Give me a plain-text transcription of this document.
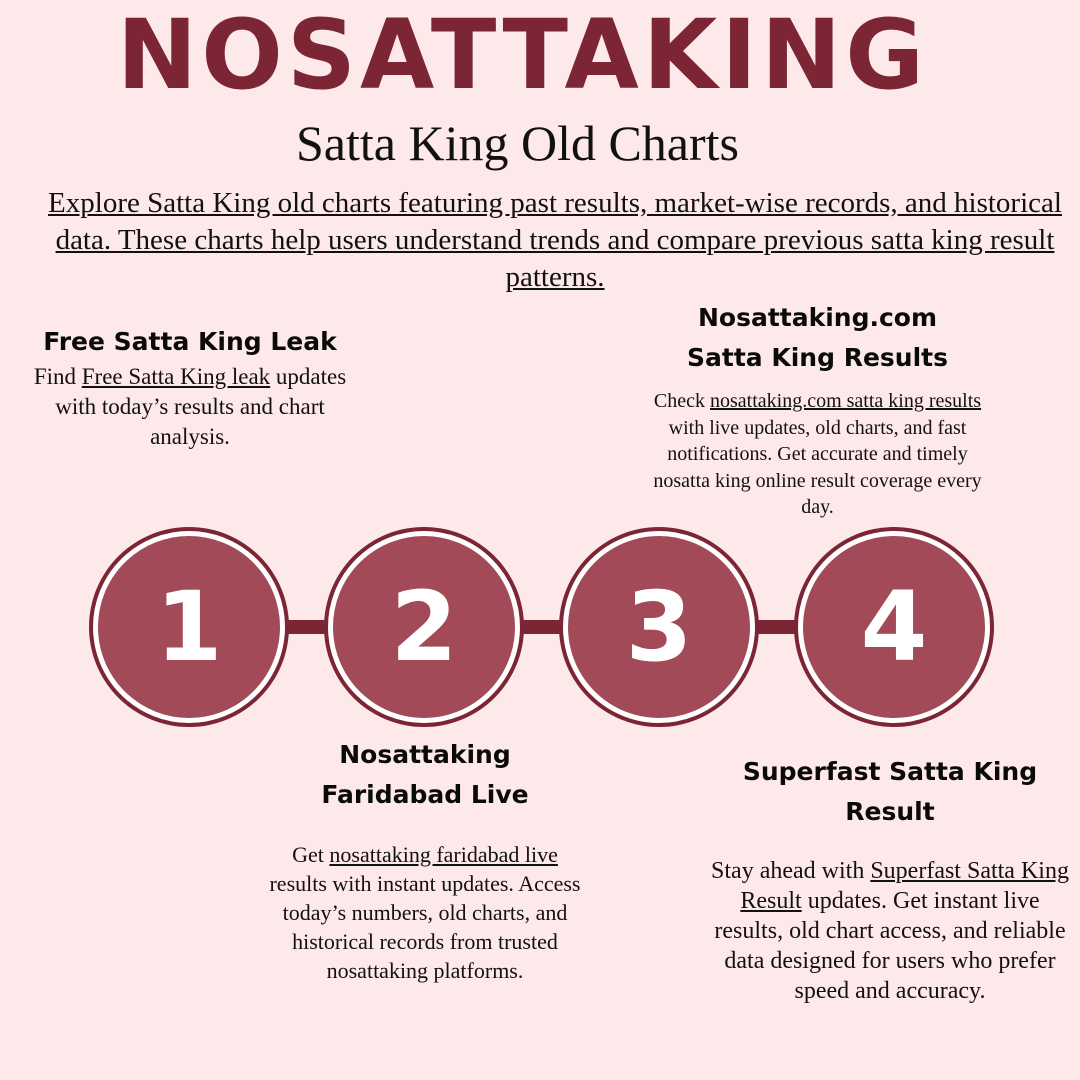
NOSATTAKING
Satta King Old Charts
Explore Satta King old charts featuring past results, market-wise records, and historical data. These charts help users understand trends and compare previous satta king result patterns.
Free Satta King Leak
Find Free Satta King leak updates with today’s results and chart analysis.
Nosattaking.com
Satta King Results
Check nosattaking.com satta king results with live updates, old charts, and fast notifications. Get accurate and timely nosatta king online result coverage every day.
1 2 3 4
Nosattaking
Faridabad Live
Get nosattaking faridabad live results with instant updates. Access today’s numbers, old charts, and historical records from trusted nosattaking platforms.
Superfast Satta King
Result
Stay ahead with Superfast Satta King Result updates. Get instant live results, old chart access, and reliable data designed for users who prefer speed and accuracy.
